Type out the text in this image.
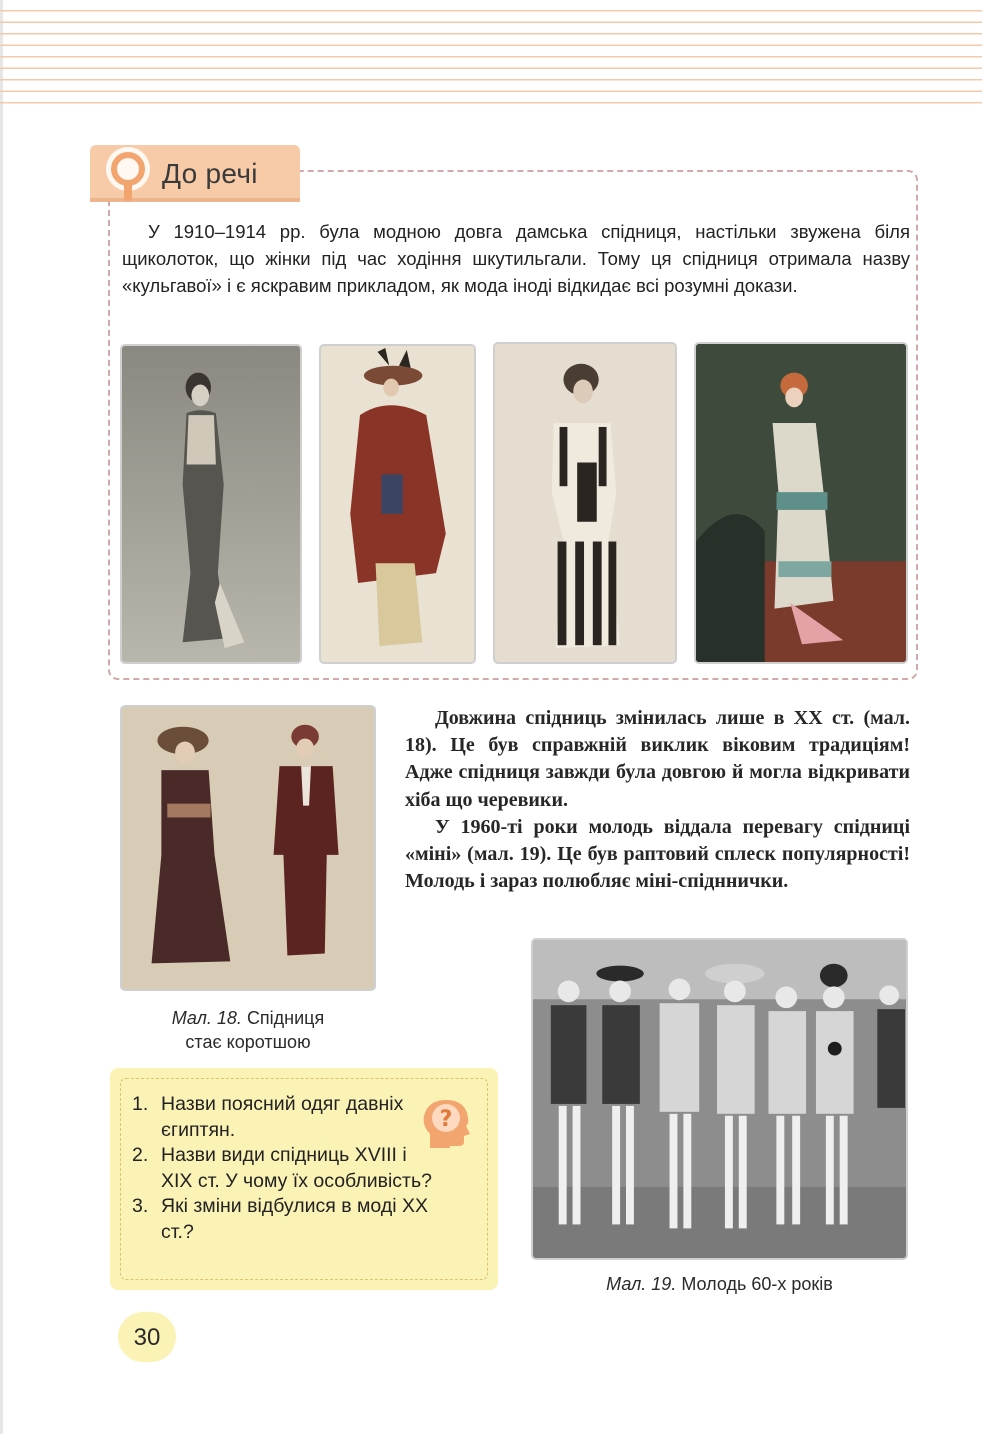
До речі

У 1910–1914 рр. була модною довга дамська спідниця, настільки звужена біля щиколоток, що жінки під час ходіння шкутильгали. Тому ця спідниця отримала назву «кульгавої» і є яскравим прикладом, як мода іноді відкидає всі розумні докази.

Довжина спідниць змінилась лише в XX ст. (мал. 18). Це був справжній виклик віковим традиціям! Адже спідниця завжди була довгою й могла відкривати хіба що черевики.

У 1960-ті роки молодь віддала перевагу спідниці «міні» (мал. 19). Це був раптовий сплеск популярності! Молодь і зараз полюбляє міні-спідннички.

Мал. 18. Спідниця
стає коротшою
Мал. 19. Молодь 60-х років
1. Назви поясний одяг давніх єгиптян.
2. Назви види спідниць XVIII і XIX ст. У чому їх особливість?
3. Які зміни відбулися в моді XX ст.?
?
30
